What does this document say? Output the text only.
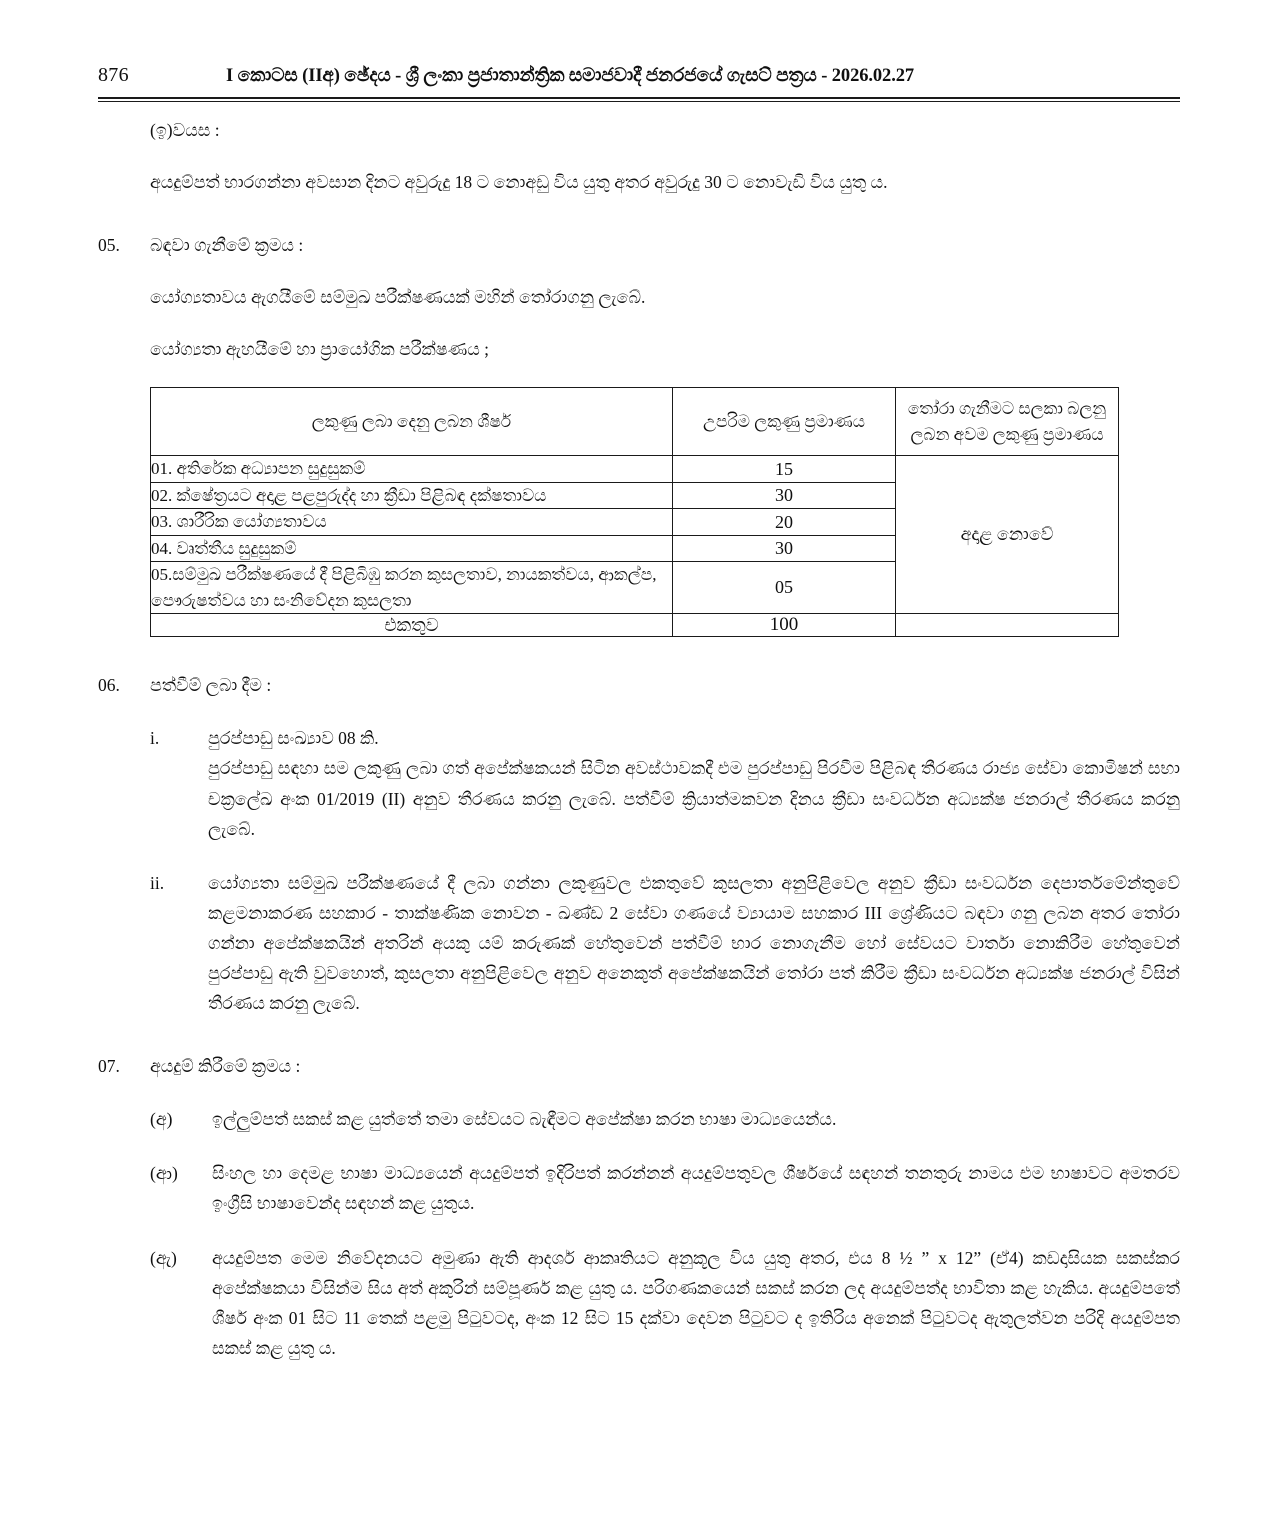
876	I කොටස (IIඅ) ඡේදය - ශ්‍රී ලංකා ප්‍රජාතාන්ත්‍රික සමාජවාදී ජනරජයේ ගැසට් පත්‍රය - 2026.02.27
(ඉ)වයස :
අයදුම්පත් භාරගන්නා අවසාන දිනට අවුරුදු 18 ට නොඅඩු විය යුතු අතර අවුරුදු 30 ට නොවැඩි විය යුතු ය.
05.	බඳවා ගැනීමේ ක්‍රමය :
යෝග්‍යතාවය ඇගයීමේ සම්මුඛ පරීක්ෂණයක් මහින් තෝරාගනු ලැබේ.
යෝග්‍යතා ඇහයීමේ හා ප්‍රායෝගික පරීක්ෂණය ;
ලකුණු ලබා දෙනු ලබන ශීර්ෂ	උපරිම ලකුණු ප්‍රමාණය	තෝරා ගැනීමට සලකා බලනු ලබන අවම ලකුණු ප්‍රමාණය
01. අතිරේක අධ්‍යාපන සුදුසුකම්	15	අදාළ නොවේ
02. ක්ෂේත්‍රයට අදාළ පළපුරුද්ද හා ක්‍රීඩා පිළිබඳ දක්ෂතාවය	30	
03. ශාරීරික යෝග්‍යතාවය	20	
04. වෘත්තීය සුදුසුකම්	30	
05.සම්මුඛ පරීක්ෂණයේ දී පිළිබිඹු කරන කුසලතාව, නායකත්වය, ආකල්ප, පෞරුෂත්වය හා සංනිවේදන කුසලතා	05	
එකතුව	100	
06.	පත්වීම් ලබා දීම :
i.	පුරප්පාඩු සංඛ්‍යාව 08 කි.

පුරප්පාඩු සඳහා සම ලකුණු ලබා ගත් අපේක්ෂකයන් සිටින අවස්ථාවකදී එම පුරප්පාඩු පිරවීම පිළිබඳ තීරණය රාජ්‍ය සේවා කොමිෂන් සභා චක්‍රලේඛ අංක 01/2019 (II) අනුව තීරණය කරනු ලැබේ. පත්වීම් ක්‍රියාත්මකවන දිනය ක්‍රීඩා සංවර්ධන අධ්‍යක්ෂ ජනරාල් තීරණය කරනු ලැබේ.

ii.	යෝග්‍යතා සම්මුඛ පරීක්ෂණයේ දී ලබා ගන්නා ලකුණුවල එකතුවේ කුසලතා අනුපිළිවෙල අනුව ක්‍රීඩා සංවර්ධන දෙපාර්තමේන්තුවේ කළමනාකරණ සහකාර - තාක්ෂණික නොවන - ඛණ්ඩ 2 සේවා ගණයේ ව්‍යායාම සහකාර III ශ්‍රේණියට බඳවා ගනු ලබන අතර තෝරා ගන්නා අපේක්ෂකයින් අතරින් අයකු යම් කරුණක් හේතුවෙන් පත්වීම් භාර නොගැනීම හෝ සේවයට වාර්තා නොකිරීම හේතුවෙන් පුරප්පාඩු ඇති වුවහොත්, කුසලතා අනුපිළිවෙල අනුව අනෙකුත් අපේක්ෂකයින් තෝරා පත් කිරීම ක්‍රීඩා සංවර්ධන අධ්‍යක්ෂ ජනරාල් විසින් තීරණය කරනු ලැබේ.

07.	අයදුම් කිරීමේ ක්‍රමය :
(අ)	ඉල්ලුම්පත් සකස් කළ යුත්තේ තමා සේවයට බැඳීමට අපේක්ෂා කරන භාෂා මාධ්‍යයෙන්ය.

(ආ)	සිංහල හා දෙමළ භාෂා මාධ්‍යයෙන් අයදුම්පත් ඉදිරිපත් කරන්නන් අයදුම්පතුවල ශීර්ෂයේ සඳහන් තනතුරු නාමය එම භාෂාවට අමතරව ඉංග්‍රීසි භාෂාවෙන්ද සඳහන් කළ යුතුය.

(ඇ)	අයදුම්පත මෙම නිවේදනයට අමුණා ඇති ආදර්ශ ආකෘතියට අනුකූල විය යුතු අතර, එය 8 ½ ” x 12” (ඒ4) කඩදාසියක සකස්කර අපේක්ෂකයා විසින්ම සිය අත් අකුරින් සම්පූර්ණ කළ යුතු ය. පරිගණකයෙන් සකස් කරන ලද අයදුම්පත්ද භාවිතා කළ හැකිය. අයදුම්පතේ ශීර්ෂ අංක 01 සිට 11 තෙක් පළමු පිටුවටද, අංක 12 සිට 15 දක්වා දෙවන පිටුවට ද ඉතිරිය අනෙක් පිටුවටද ඇතුලත්වන පරිදි අයදුම්පත සකස් කළ යුතු ය.
